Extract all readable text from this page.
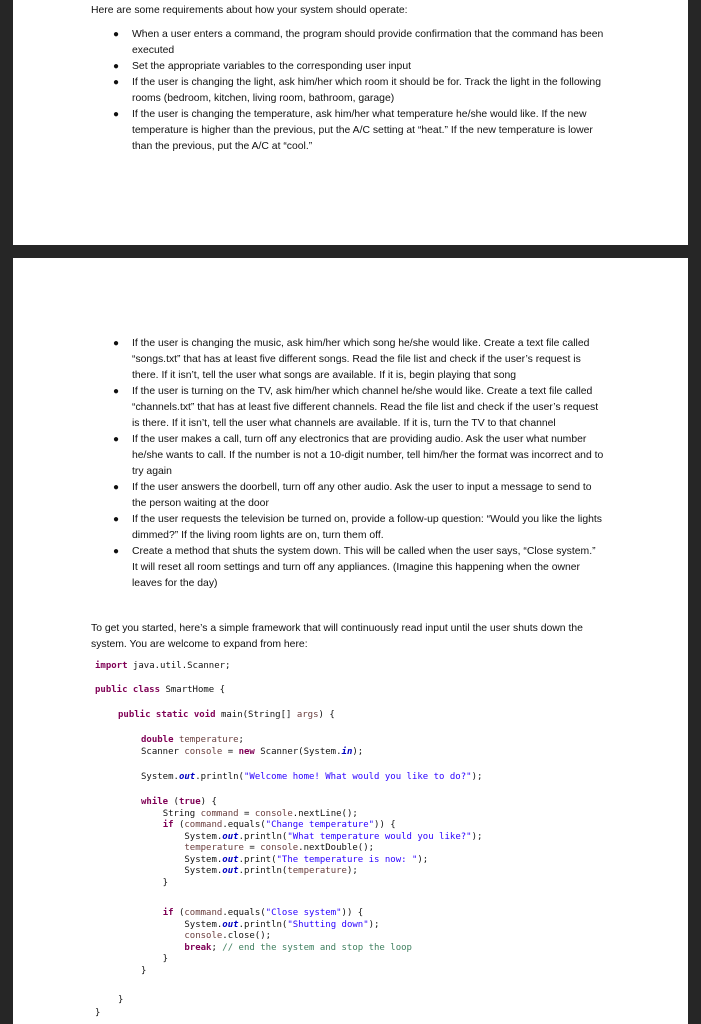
Here are some requirements about how your system should operate:

● When a user enters a command, the program should provide confirmation that the command has been executed
● Set the appropriate variables to the corresponding user input
● If the user is changing the light, ask him/her which room it should be for. Track the light in the following rooms (bedroom, kitchen, living room, bathroom, garage)
● If the user is changing the temperature, ask him/her what temperature he/she would like. If the new temperature is higher than the previous, put the A/C setting at “heat.” If the new temperature is lower than the previous, put the A/C at “cool.”
● If the user is changing the music, ask him/her which song he/she would like. Create a text file called “songs.txt” that has at least five different songs. Read the file list and check if the user’s request is there. If it isn’t, tell the user what songs are available. If it is, begin playing that song
● If the user is turning on the TV, ask him/her which channel he/she would like. Create a text file called “channels.txt” that has at least five different channels. Read the file list and check if the user’s request is there. If it isn’t, tell the user what channels are available. If it is, turn the TV to that channel
● If the user makes a call, turn off any electronics that are providing audio. Ask the user what number he/she wants to call. If the number is not a 10-digit number, tell him/her the format was incorrect and to try again
● If the user answers the doorbell, turn off any other audio. Ask the user to input a message to send to the person waiting at the door
● If the user requests the television be turned on, provide a follow-up question: “Would you like the lights dimmed?” If the living room lights are on, turn them off.
● Create a method that shuts the system down. This will be called when the user says, “Close system.” It will reset all room settings and turn off any appliances. (Imagine this happening when the owner leaves for the day)

To get you started, here’s a simple framework that will continuously read input until the user shuts down the system. You are welcome to expand from here:

import java.util.Scanner;
public class SmartHome {
public static void main(String[] args) {
double temperature;
Scanner console = new Scanner(System.in);
System.out.println("Welcome home! What would you like to do?");
while (true) {
String command = console.nextLine();
if (command.equals("Change temperature")) {
System.out.println("What temperature would you like?");
temperature = console.nextDouble();
System.out.print("The temperature is now: ");
System.out.println(temperature);
}
if (command.equals("Close system")) {
System.out.println("Shutting down");
console.close();
break; // end the system and stop the loop
}
}
}
}
